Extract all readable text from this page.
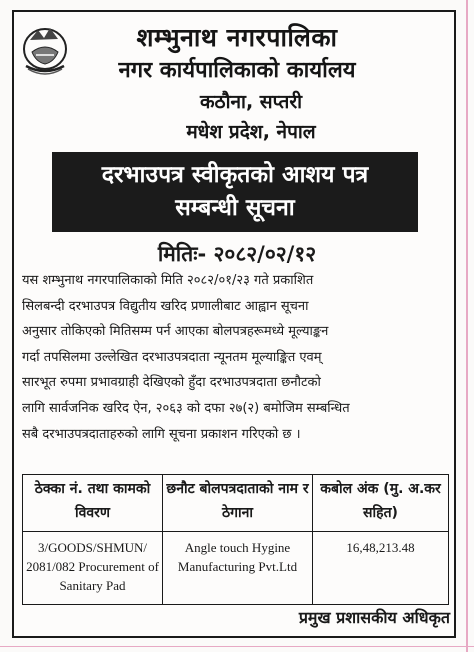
शम्भुनाथ नगरपालिका
नगर कार्यपालिकाको कार्यालय
कठौना, सप्तरी
मधेश प्रदेश, नेपाल
दरभाउपत्र स्वीकृतको आशय पत्र
सम्बन्धी सूचना
मितिः- २०८२/०२/१२
यस शम्भुनाथ नगरपालिकाको मिति २०८२/०१/२३ गते प्रकाशित
सिलबन्दी दरभाउपत्र विद्युतीय खरिद प्रणालीबाट आह्वान सूचना
अनुसार तोकिएको मितिसम्म पर्न आएका बोलपत्रहरूमध्ये मूल्याङ्कन
गर्दा तपसिलमा उल्लेखित दरभाउपत्रदाता न्यूनतम मूल्याङ्कित एवम्
सारभूत रुपमा प्रभावग्राही देखिएको हुँदा दरभाउपत्रदाता छनौटको
लागि सार्वजनिक खरिद ऐन, २०६३ को दफा २७(२) बमोजिम सम्बन्धित
सबै दरभाउपत्रदाताहरुको लागि सूचना प्रकाशन गरिएको छ ।
ठेक्का नं. तथा कामको विवरण	छनौट बोलपत्रदाताको नाम र ठेगाना	कबोल अंक (मु. अ.कर सहित)
3/GOODS/SHMUN/ 2081/082 Procurement of Sanitary Pad	Angle touch Hygine Manufacturing Pvt.Ltd	16,48,213.48
प्रमुख प्रशासकीय अधिकृत
